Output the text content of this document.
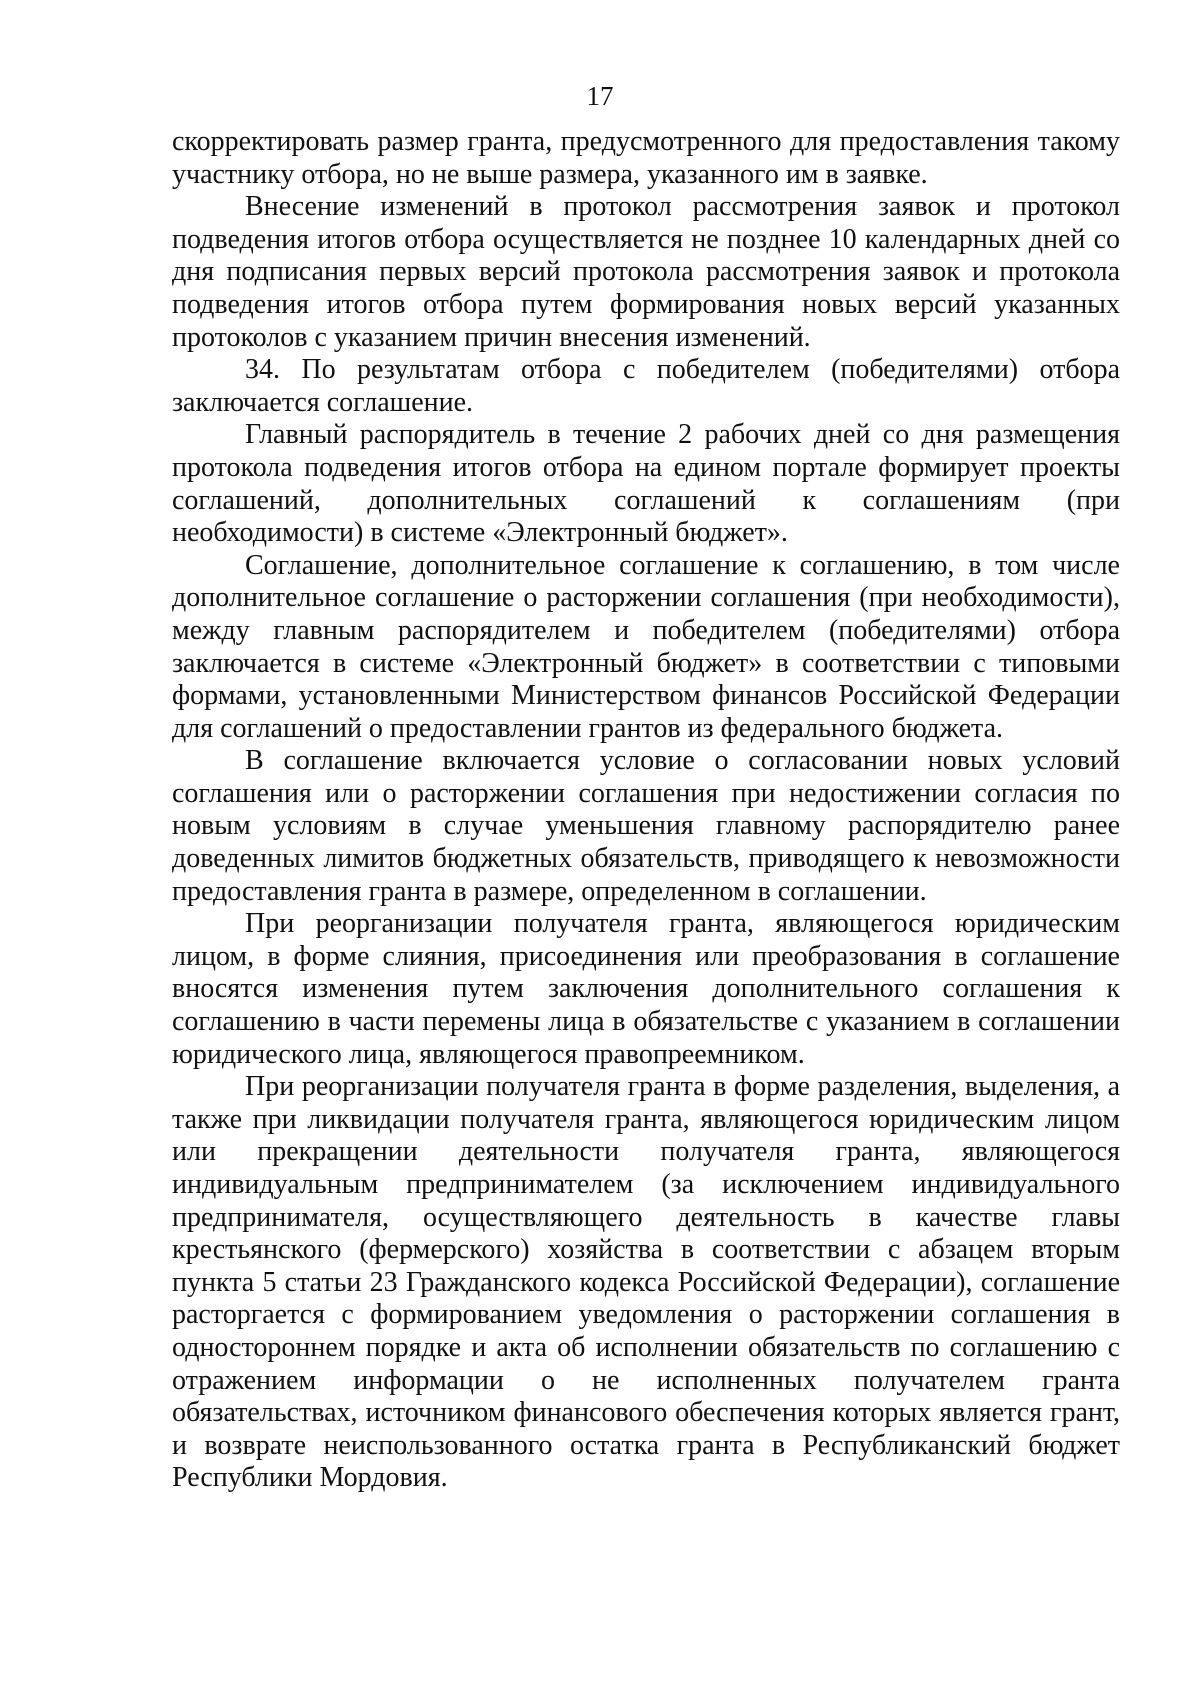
17

скорректировать размер гранта, предусмотренного для предоставления такому участнику отбора, но не выше размера, указанного им в заявке.

Внесение изменений в протокол рассмотрения заявок и протокол подведения итогов отбора осуществляется не позднее 10 календарных дней со дня подписания первых версий протокола рассмотрения заявок и протокола подведения итогов отбора путем формирования новых версий указанных протоколов с указанием причин внесения изменений.

34. По результатам отбора с победителем (победителями) отбора заключается соглашение.

Главный распорядитель в течение 2 рабочих дней со дня размещения протокола подведения итогов отбора на едином портале формирует проекты соглашений, дополнительных соглашений к соглашениям (при необходимости) в системе «Электронный бюджет».

Соглашение, дополнительное соглашение к соглашению, в том числе дополнительное соглашение о расторжении соглашения (при необходимости), между главным распорядителем и победителем (победителями) отбора заключается в системе «Электронный бюджет» в соответствии с типовыми формами, установленными Министерством финансов Российской Федерации для соглашений о предоставлении грантов из федерального бюджета.

В соглашение включается условие о согласовании новых условий соглашения или о расторжении соглашения при недостижении согласия по новым условиям в случае уменьшения главному распорядителю ранее доведенных лимитов бюджетных обязательств, приводящего к невозможности предоставления гранта в размере, определенном в соглашении.

При реорганизации получателя гранта, являющегося юридическим лицом, в форме слияния, присоединения или преобразования в соглашение вносятся изменения путем заключения дополнительного соглашения к соглашению в части перемены лица в обязательстве с указанием в соглашении юридического лица, являющегося правопреемником.

При реорганизации получателя гранта в форме разделения, выделения, а также при ликвидации получателя гранта, являющегося юридическим лицом или прекращении деятельности получателя гранта, являющегося индивидуальным предпринимателем (за исключением индивидуального предпринимателя, осуществляющего деятельность в качестве главы крестьянского (фермерского) хозяйства в соответствии с абзацем вторым пункта 5 статьи 23 Гражданского кодекса Российской Федерации), соглашение расторгается с формированием уведомления о расторжении соглашения в одностороннем порядке и акта об исполнении обязательств по соглашению с отражением информации о не исполненных получателем гранта обязательствах, источником финансового обеспечения которых является грант, и возврате неиспользованного остатка гранта в Республиканский бюджет Республики Мордовия.
